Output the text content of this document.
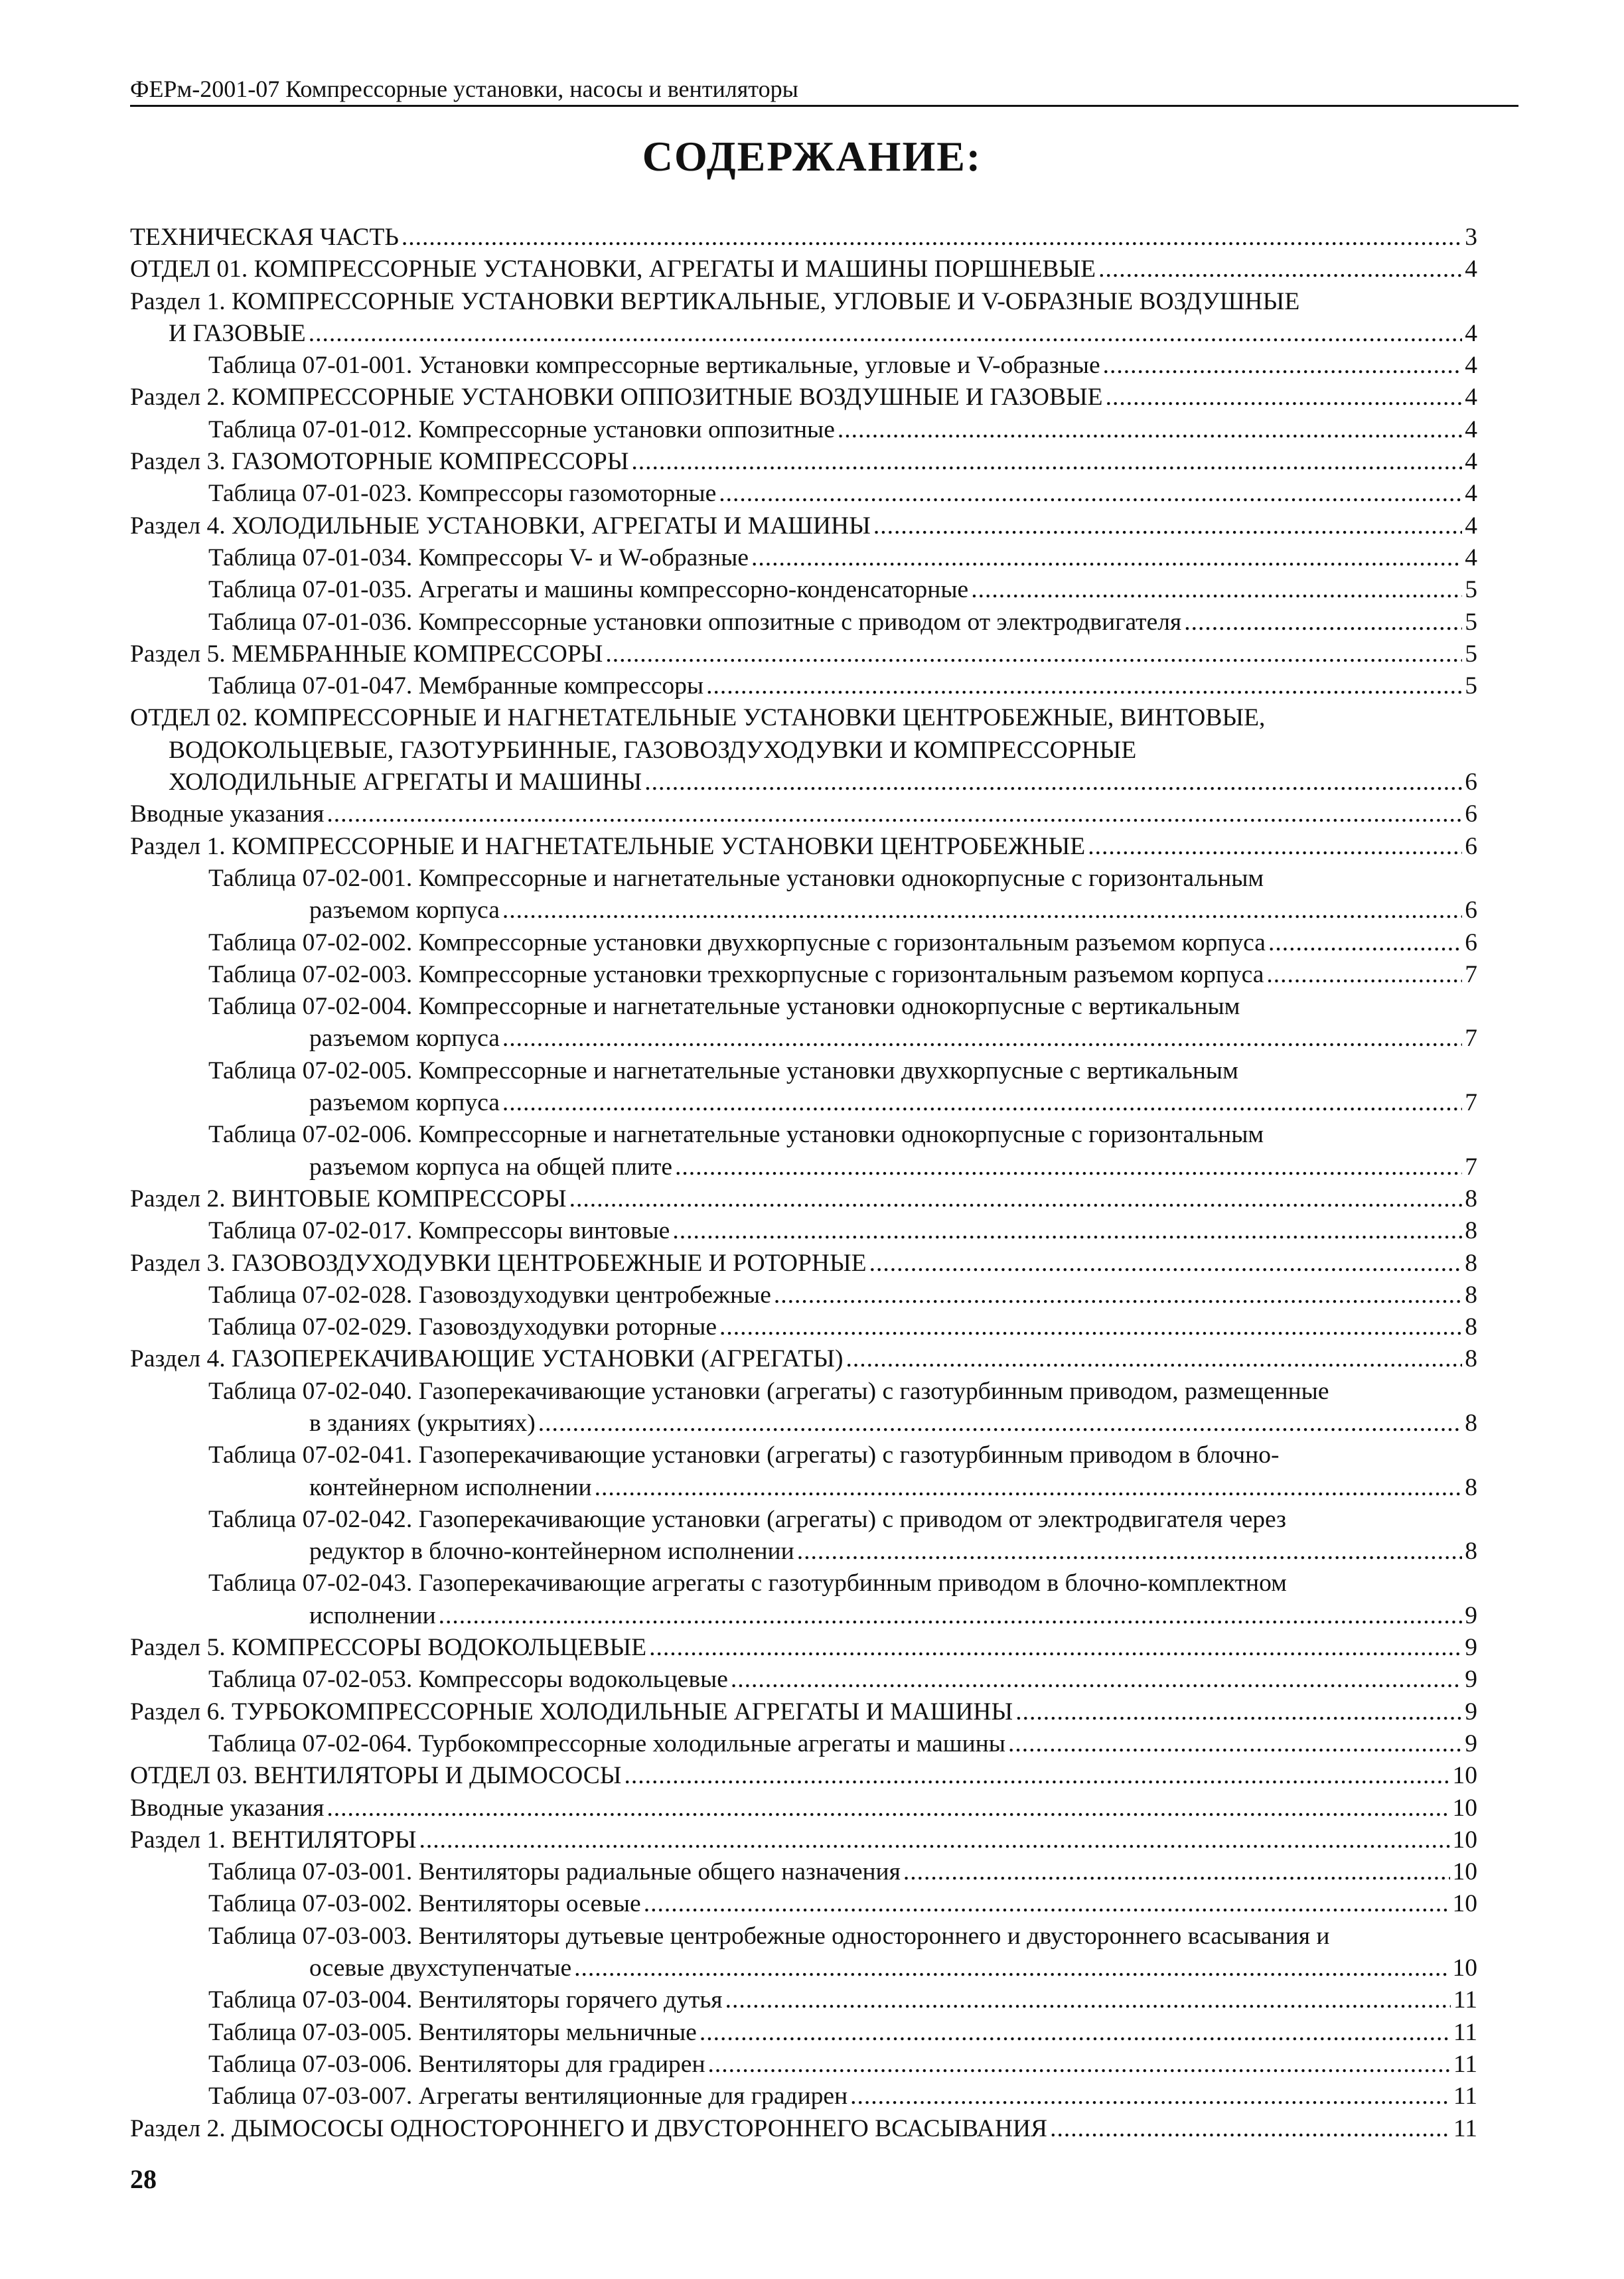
ФЕРм-2001-07 Компрессорные установки, насосы и вентиляторы
СОДЕРЖАНИЕ:
ТЕХНИЧЕСКАЯ ЧАСТЬ .....	3
ОТДЕЛ 01. КОМПРЕССОРНЫЕ УСТАНОВКИ, АГРЕГАТЫ И МАШИНЫ ПОРШНЕВЫЕ .....	4
Раздел 1. КОМПРЕССОРНЫЕ УСТАНОВКИ ВЕРТИКАЛЬНЫЕ, УГЛОВЫЕ И V-ОБРАЗНЫЕ ВОЗДУШНЫЕ
И ГАЗОВЫЕ .....	4
Таблица 07-01-001. Установки компрессорные вертикальные, угловые и V-образные .....	4
Раздел 2. КОМПРЕССОРНЫЕ УСТАНОВКИ ОППОЗИТНЫЕ ВОЗДУШНЫЕ И ГАЗОВЫЕ .....	4
Таблица 07-01-012. Компрессорные установки оппозитные .....	4
Раздел 3. ГАЗОМОТОРНЫЕ КОМПРЕССОРЫ .....	4
Таблица 07-01-023. Компрессоры газомоторные .....	4
Раздел 4. ХОЛОДИЛЬНЫЕ УСТАНОВКИ, АГРЕГАТЫ И МАШИНЫ .....	4
Таблица 07-01-034. Компрессоры V- и W-образные .....	4
Таблица 07-01-035. Агрегаты и машины компрессорно-конденсаторные .....	5
Таблица 07-01-036. Компрессорные установки оппозитные с приводом от электродвигателя .....	5
Раздел 5. МЕМБРАННЫЕ КОМПРЕССОРЫ .....	5
Таблица 07-01-047. Мембранные компрессоры .....	5
ОТДЕЛ 02. КОМПРЕССОРНЫЕ И НАГНЕТАТЕЛЬНЫЕ УСТАНОВКИ ЦЕНТРОБЕЖНЫЕ, ВИНТОВЫЕ,
ВОДОКОЛЬЦЕВЫЕ, ГАЗОТУРБИННЫЕ, ГАЗОВОЗДУХОДУВКИ И КОМПРЕССОРНЫЕ
ХОЛОДИЛЬНЫЕ АГРЕГАТЫ И МАШИНЫ .....	6
Вводные указания .....	6
Раздел 1. КОМПРЕССОРНЫЕ И НАГНЕТАТЕЛЬНЫЕ УСТАНОВКИ ЦЕНТРОБЕЖНЫЕ .....	6
Таблица 07-02-001. Компрессорные и нагнетательные установки однокорпусные с горизонтальным
разъемом корпуса .....	6
Таблица 07-02-002. Компрессорные установки двухкорпусные с горизонтальным разъемом корпуса .....	6
Таблица 07-02-003. Компрессорные установки трехкорпусные с горизонтальным разъемом корпуса .....	7
Таблица 07-02-004. Компрессорные и нагнетательные установки однокорпусные с вертикальным
разъемом корпуса .....	7
Таблица 07-02-005. Компрессорные и нагнетательные установки двухкорпусные с вертикальным
разъемом корпуса .....	7
Таблица 07-02-006. Компрессорные и нагнетательные установки однокорпусные с горизонтальным
разъемом корпуса на общей плите .....	7
Раздел 2. ВИНТОВЫЕ КОМПРЕССОРЫ .....	8
Таблица 07-02-017. Компрессоры винтовые .....	8
Раздел 3. ГАЗОВОЗДУХОДУВКИ ЦЕНТРОБЕЖНЫЕ И РОТОРНЫЕ .....	8
Таблица 07-02-028. Газовоздуходувки центробежные .....	8
Таблица 07-02-029. Газовоздуходувки роторные .....	8
Раздел 4. ГАЗОПЕРЕКАЧИВАЮЩИЕ УСТАНОВКИ (АГРЕГАТЫ) .....	8
Таблица 07-02-040. Газоперекачивающие установки (агрегаты) с газотурбинным приводом, размещенные
в зданиях (укрытиях) .....	8
Таблица 07-02-041. Газоперекачивающие установки (агрегаты) с газотурбинным приводом в блочно-
контейнерном исполнении .....	8
Таблица 07-02-042. Газоперекачивающие установки (агрегаты) с приводом от электродвигателя через
редуктор в блочно-контейнерном исполнении .....	8
Таблица 07-02-043. Газоперекачивающие агрегаты с газотурбинным приводом в блочно-комплектном
исполнении .....	9
Раздел 5. КОМПРЕССОРЫ ВОДОКОЛЬЦЕВЫЕ .....	9
Таблица 07-02-053. Компрессоры водокольцевые .....	9
Раздел 6. ТУРБОКОМПРЕССОРНЫЕ ХОЛОДИЛЬНЫЕ АГРЕГАТЫ И МАШИНЫ .....	9
Таблица 07-02-064. Турбокомпрессорные холодильные агрегаты и машины .....	9
ОТДЕЛ 03. ВЕНТИЛЯТОРЫ И ДЫМОСОСЫ .....	10
Вводные указания .....	10
Раздел 1. ВЕНТИЛЯТОРЫ .....	10
Таблица 07-03-001. Вентиляторы радиальные общего назначения .....	10
Таблица 07-03-002. Вентиляторы осевые .....	10
Таблица 07-03-003. Вентиляторы дутьевые центробежные одностороннего и двустороннего всасывания и
осевые двухступенчатые .....	10
Таблица 07-03-004. Вентиляторы горячего дутья .....	11
Таблица 07-03-005. Вентиляторы мельничные .....	11
Таблица 07-03-006. Вентиляторы для градирен .....	11
Таблица 07-03-007. Агрегаты вентиляционные для градирен .....	11
Раздел 2. ДЫМОСОСЫ ОДНОСТОРОННЕГО И ДВУСТОРОННЕГО ВСАСЫВАНИЯ .....	11
28
